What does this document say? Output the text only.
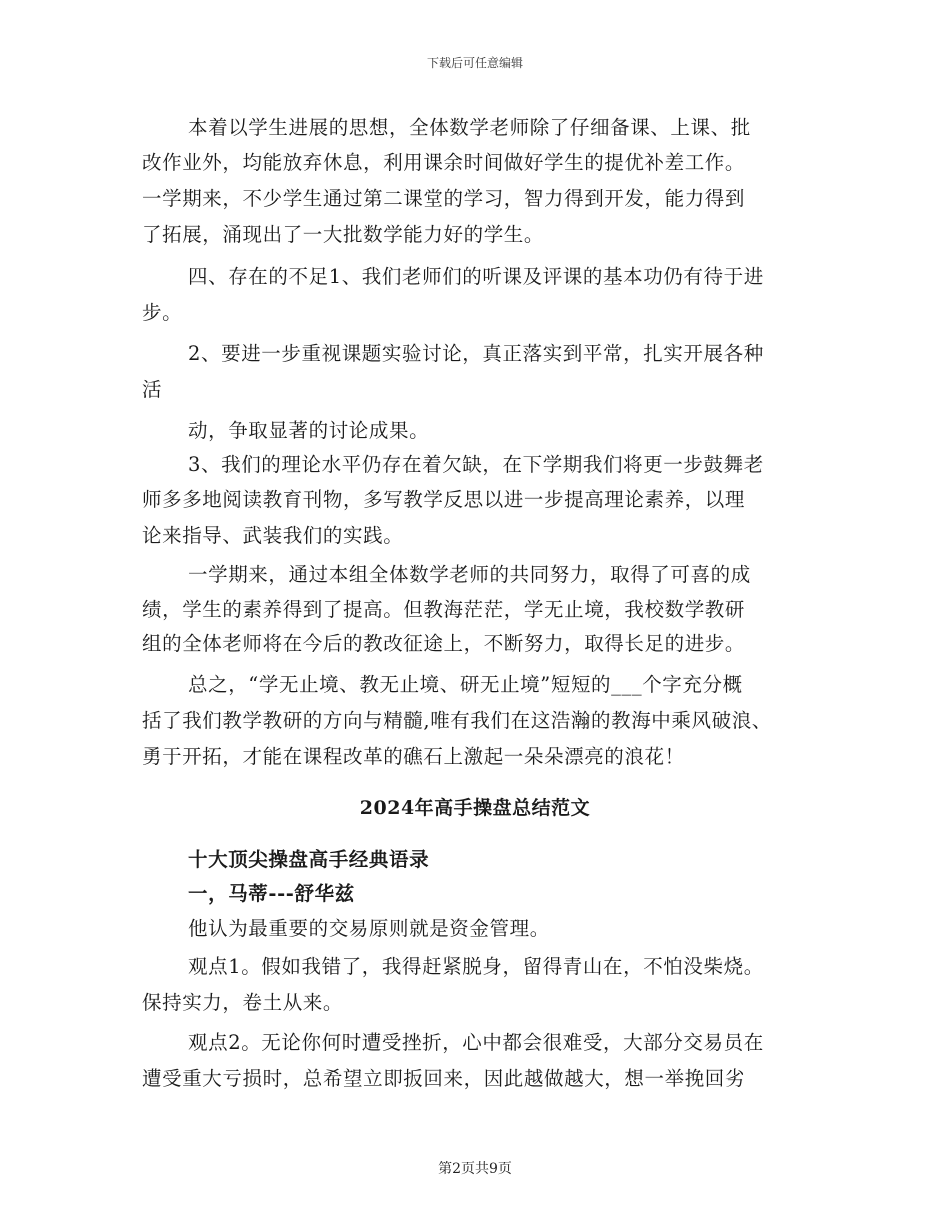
下载后可任意编辑
本着以学生进展的思想，全体数学老师除了仔细备课、上课、批
改作业外，均能放弃休息，利用课余时间做好学生的提优补差工作。
一学期来，不少学生通过第二课堂的学习，智力得到开发，能力得到
了拓展，涌现出了一大批数学能力好的学生。
四、存在的不足1、我们老师们的听课及评课的基本功仍有待于进
步。
2、要进一步重视课题实验讨论，真正落实到平常，扎实开展各种
活
动，争取显著的讨论成果。
3、我们的理论水平仍存在着欠缺，在下学期我们将更一步鼓舞老
师多多地阅读教育刊物，多写教学反思以进一步提高理论素养，以理
论来指导、武装我们的实践。
一学期来，通过本组全体数学老师的共同努力，取得了可喜的成
绩，学生的素养得到了提高。但教海茫茫，学无止境，我校数学教研
组的全体老师将在今后的教改征途上，不断努力，取得长足的进步。
总之，“学无止境、教无止境、研无止境”短短的___个字充分概
括了我们教学教研的方向与精髓,唯有我们在这浩瀚的教海中乘风破浪、
勇于开拓，才能在课程改革的礁石上激起一朵朵漂亮的浪花！
2024年高手操盘总结范文
十大顶尖操盘高手经典语录
一，马蒂---舒华兹
他认为最重要的交易原则就是资金管理。
观点1。假如我错了，我得赶紧脱身，留得青山在，不怕没柴烧。
保持实力，卷土从来。
观点2。无论你何时遭受挫折，心中都会很难受，大部分交易员在
遭受重大亏损时，总希望立即扳回来，因此越做越大，想一举挽回劣
第2页共9页
